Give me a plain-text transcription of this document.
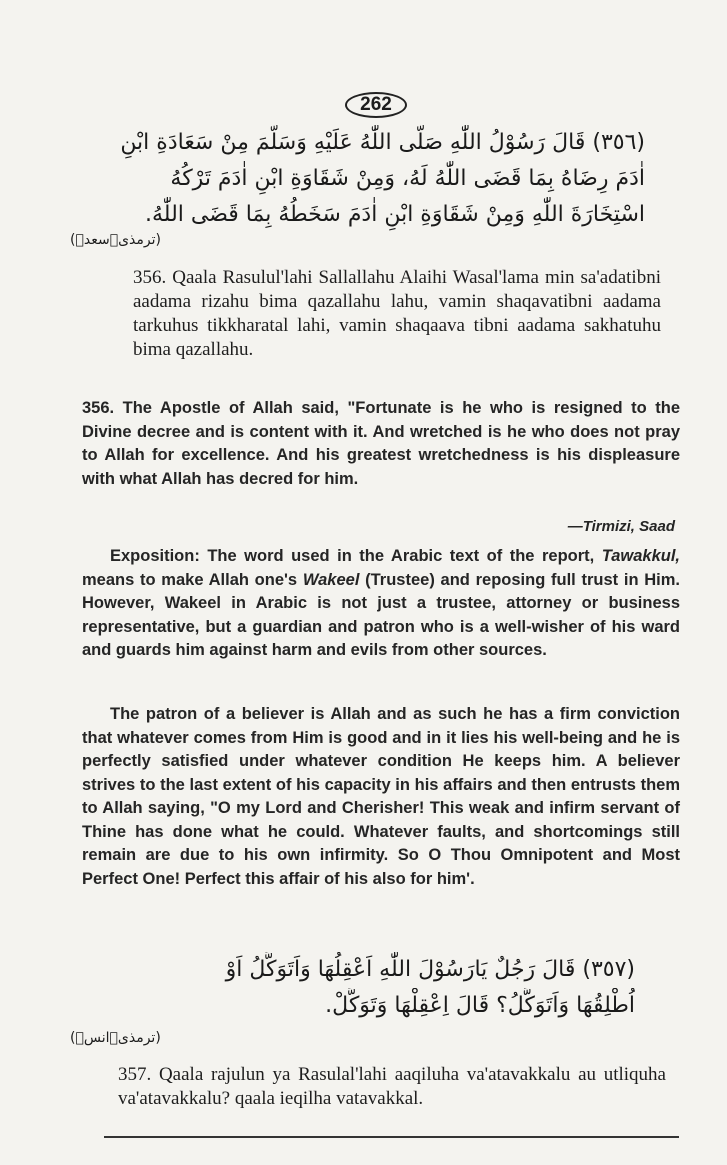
262
(٣٥٦) قَالَ رَسُوْلُ اللّٰهِ صَلَّى اللّٰهُ عَلَيْهِ وَسَلَّمَ مِنْ سَعَادَةِ ابْنِ
اٰدَمَ رِضَاهُ بِمَا قَضَى اللّٰهُ لَهُ، وَمِنْ شَقَاوَةِ ابْنِ اٰدَمَ تَرْكُهُ
اسْتِخَارَةَ اللّٰهِ وَمِنْ شَقَاوَةِ ابْنِ اٰدَمَ سَخَطُهُ بِمَا قَضَى اللّٰهُ.
(ترمذی۔سعدؓ)
356. Qaala Rasulul'lahi Sallallahu Alaihi Wasal'lama min sa'adatibni aadama rizahu bima qazallahu lahu, vamin shaqavatibni aadama tarkuhus tikkharatal lahi, vamin shaqaava tibni aadama sakhatuhu bima qazallahu.
356. The Apostle of Allah said, "Fortunate is he who is resigned to the Divine decree and is content with it. And wretched is he who does not pray to Allah for excellence. And his greatest wretchedness is his displeasure with what Allah has decred for him.
—Tirmizi, Saad
Exposition: The word used in the Arabic text of the report, Tawakkul, means to make Allah one's Wakeel (Trustee) and reposing full trust in Him. However, Wakeel in Arabic is not just a trustee, attorney or business representative, but a guardian and patron who is a well-wisher of his ward and guards him against harm and evils from other sources.
The patron of a believer is Allah and as such he has a firm conviction that whatever comes from Him is good and in it lies his well-being and he is perfectly satisfied under whatever condition He keeps him. A believer strives to the last extent of his capacity in his affairs and then entrusts them to Allah saying, "O my Lord and Cherisher! This weak and infirm servant of Thine has done what he could. Whatever faults, and shortcomings still remain are due to his own infirmity. So O Thou Omnipotent and Most Perfect One! Perfect this affair of his also for him'.
(٣٥٧) قَالَ رَجُلٌ يَارَسُوْلَ اللّٰهِ اَعْقِلُهَا وَاَتَوَكَّلُ اَوْ
اُطْلِقُهَا وَاَتَوَكَّلُ؟ قَالَ اِعْقِلْهَا وَتَوَكَّلْ.
(ترمذی۔انسؓ)
357. Qaala rajulun ya Rasulal'lahi aaqiluha va'atavakkalu au utliquha va'atavakkalu? qaala ieqilha vatavakkal.
